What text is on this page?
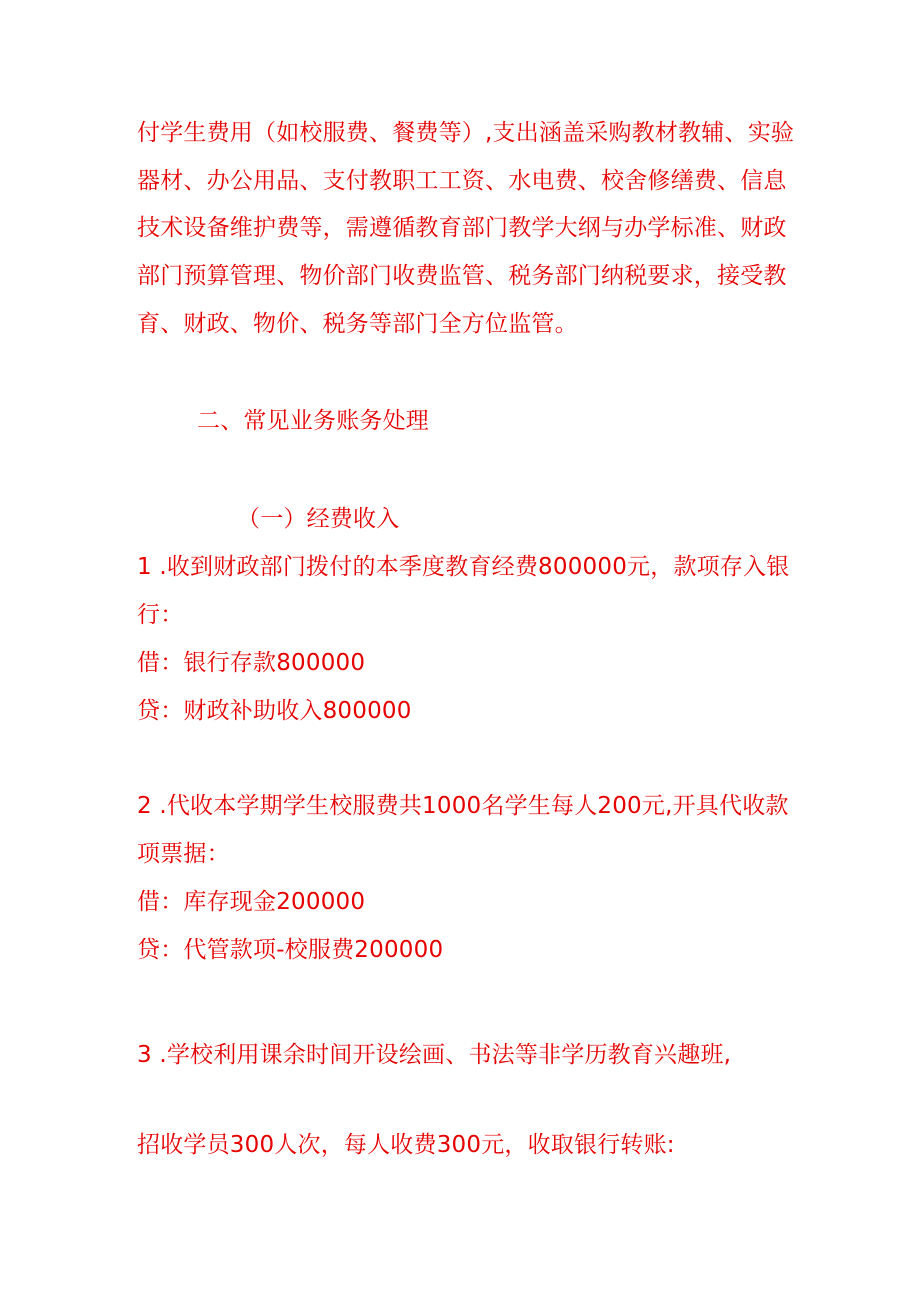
付学生费用（如校服费、餐费等）,支出涵盖采购教材教辅、实验
器材、办公用品、支付教职工工资、水电费、校舍修缮费、信息
技术设备维护费等，需遵循教育部门教学大纲与办学标准、财政
部门预算管理、物价部门收费监管、税务部门纳税要求，接受教
育、财政、物价、税务等部门全方位监管。
二、常见业务账务处理
（一）经费收入
1 .收到财政部门拨付的本季度教育经费800000元，款项存入银
行：
借：银行存款800000
贷：财政补助收入800000
2 .代收本学期学生校服费共1000名学生每人200元,开具代收款
项票据：
借：库存现金200000
贷：代管款项-校服费200000
3 .学校利用课余时间开设绘画、书法等非学历教育兴趣班,
招收学员300人次，每人收费300元，收取银行转账:
